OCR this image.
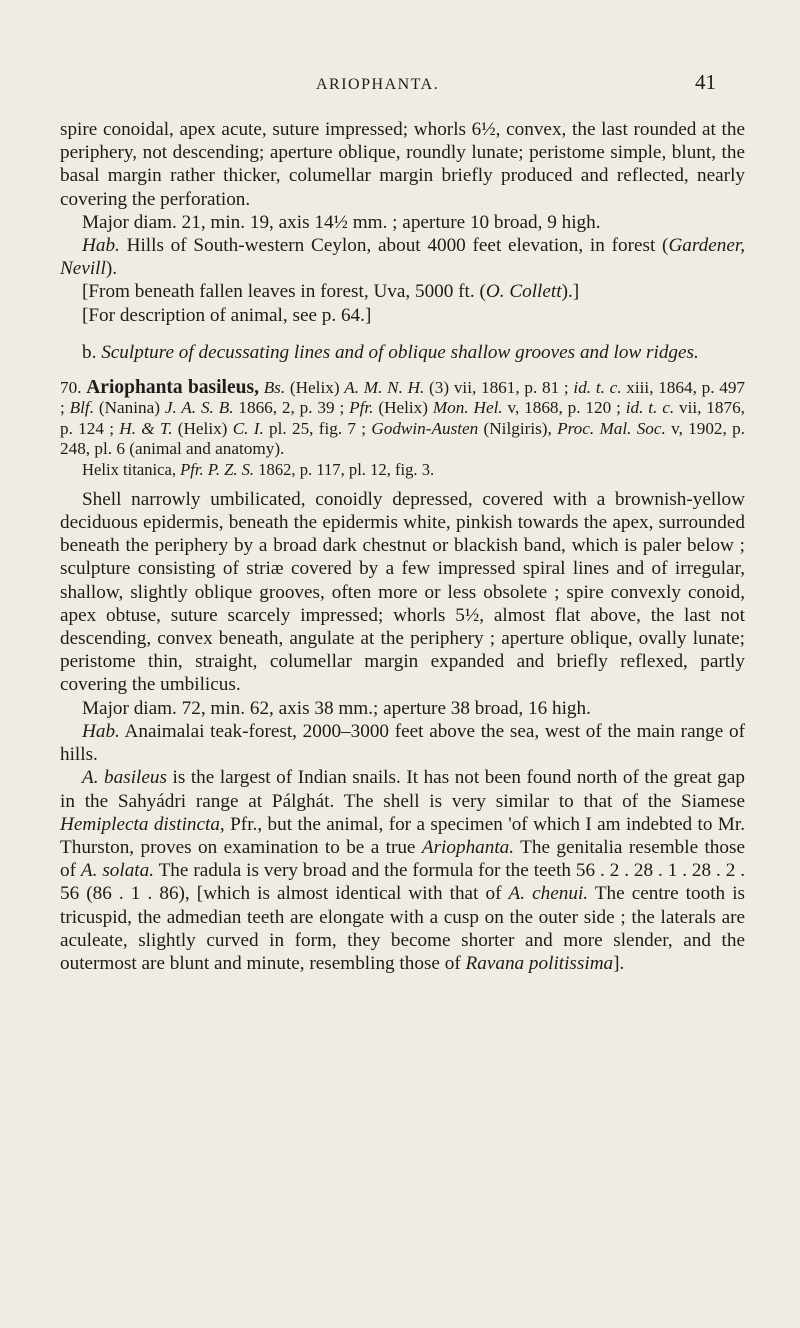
ARIOPHANTA.	41

spire conoidal, apex acute, suture impressed; whorls 6½, convex, the last rounded at the periphery, not descending; aperture oblique, roundly lunate; peristome simple, blunt, the basal margin rather thicker, columellar margin briefly produced and reflected, nearly covering the perforation.

Major diam. 21, min. 19, axis 14½ mm. ; aperture 10 broad, 9 high.

Hab. Hills of South-western Ceylon, about 4000 feet elevation, in forest (Gardener, Nevill).

[From beneath fallen leaves in forest, Uva, 5000 ft. (O. Collett).]

[For description of animal, see p. 64.]

b. Sculpture of decussating lines and of oblique shallow grooves and low ridges.

70. Ariophanta basileus, Bs. (Helix) A. M. N. H. (3) vii, 1861, p. 81 ; id. t. c. xiii, 1864, p. 497 ; Blf. (Nanina) J. A. S. B. 1866, 2, p. 39 ; Pfr. (Helix) Mon. Hel. v, 1868, p. 120 ; id. t. c. vii, 1876, p. 124 ; H. & T. (Helix) C. I. pl. 25, fig. 7 ; Godwin-Austen (Nilgiris), Proc. Mal. Soc. v, 1902, p. 248, pl. 6 (animal and anatomy).

Helix titanica, Pfr. P. Z. S. 1862, p. 117, pl. 12, fig. 3.

Shell narrowly umbilicated, conoidly depressed, covered with a brownish-yellow deciduous epidermis, beneath the epidermis white, pinkish towards the apex, surrounded beneath the periphery by a broad dark chestnut or blackish band, which is paler below ; sculpture consisting of striæ covered by a few impressed spiral lines and of irregular, shallow, slightly oblique grooves, often more or less obsolete ; spire convexly conoid, apex obtuse, suture scarcely impressed; whorls 5½, almost flat above, the last not descending, convex beneath, angulate at the periphery ; aperture oblique, ovally lunate; peristome thin, straight, columellar margin expanded and briefly reflexed, partly covering the umbilicus.

Major diam. 72, min. 62, axis 38 mm.; aperture 38 broad, 16 high.

Hab. Anaimalai teak-forest, 2000–3000 feet above the sea, west of the main range of hills.

A. basileus is the largest of Indian snails. It has not been found north of the great gap in the Sahyádri range at Pálghát. The shell is very similar to that of the Siamese Hemiplecta distincta, Pfr., but the animal, for a specimen 'of which I am indebted to Mr. Thurston, proves on examination to be a true Ariophanta. The genitalia resemble those of A. solata. The radula is very broad and the formula for the teeth 56 . 2 . 28 . 1 . 28 . 2 . 56 (86 . 1 . 86), [which is almost identical with that of A. chenui. The centre tooth is tricuspid, the admedian teeth are elongate with a cusp on the outer side ; the laterals are aculeate, slightly curved in form, they become shorter and more slender, and the outermost are blunt and minute, resembling those of Ravana politissima].
